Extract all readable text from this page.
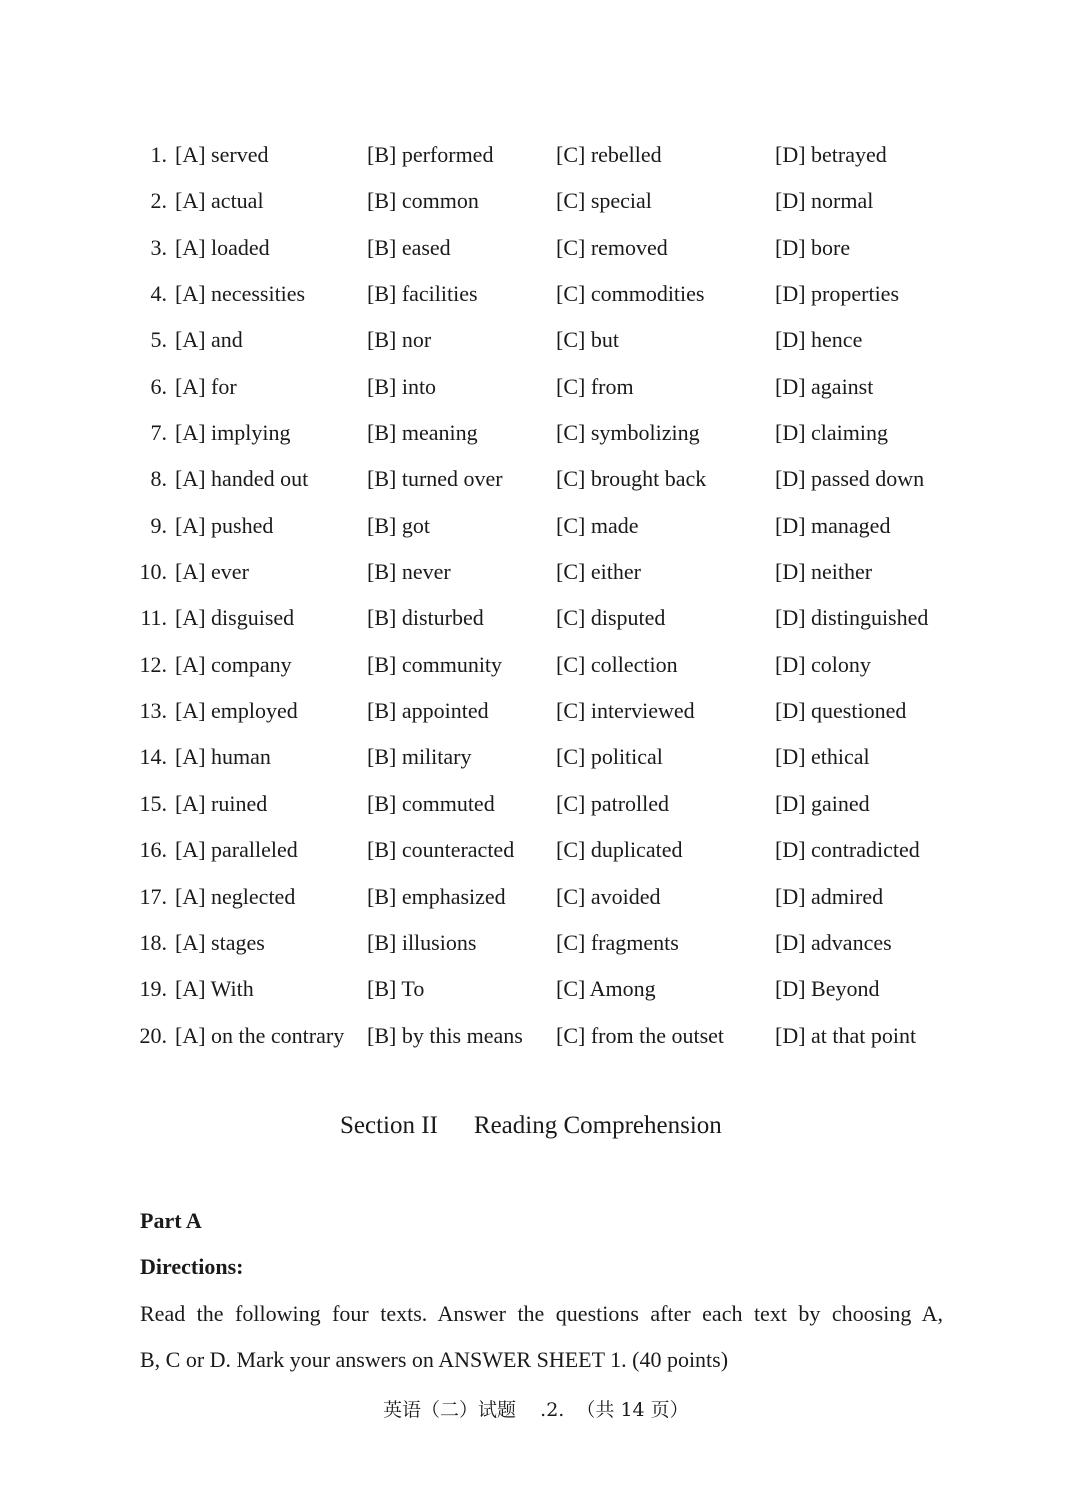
1. [A] served	[B] performed	[C] rebelled	[D] betrayed
2. [A] actual	[B] common	[C] special	[D] normal
3. [A] loaded	[B] eased	[C] removed	[D] bore
4. [A] necessities	[B] facilities	[C] commodities	[D] properties
5. [A] and	[B] nor	[C] but	[D] hence
6. [A] for	[B] into	[C] from	[D] against
7. [A] implying	[B] meaning	[C] symbolizing	[D] claiming
8. [A] handed out	[B] turned over [C] brought back	[D] passed down
9. [A] pushed	[B] got	[C] made	[D] managed
10. [A] ever	[B] never	[C] either	[D] neither
11. [A] disguised	[B] disturbed	[C] disputed	[D] distinguished
12. [A] company	[B] community [C] collection	[D] colony
13. [A] employed	[B] appointed	[C] interviewed	[D] questioned
14. [A] human	[B] military	[C] political	[D] ethical
15. [A] ruined	[B] commuted	[C] patrolled	[D] gained
16. [A] paralleled	[B] counteracted [C] duplicated	[D] contradicted
17. [A] neglected	[B] emphasized [C] avoided	[D] admired
18. [A] stages	[B] illusions	[C] fragments	[D] advances
19. [A] With	[B] To	[C] Among	[D] Beyond
20. [A] on the contrary [B] by this means [C] from the outset [D] at that point
Section II Reading Comprehension
Part A
Directions:
Read the following four texts. Answer the questions after each text by choosing A,
B, C or D. Mark your answers on ANSWER SHEET 1. (40 points)
英语（二）试题    .2.  （共 14 页）
